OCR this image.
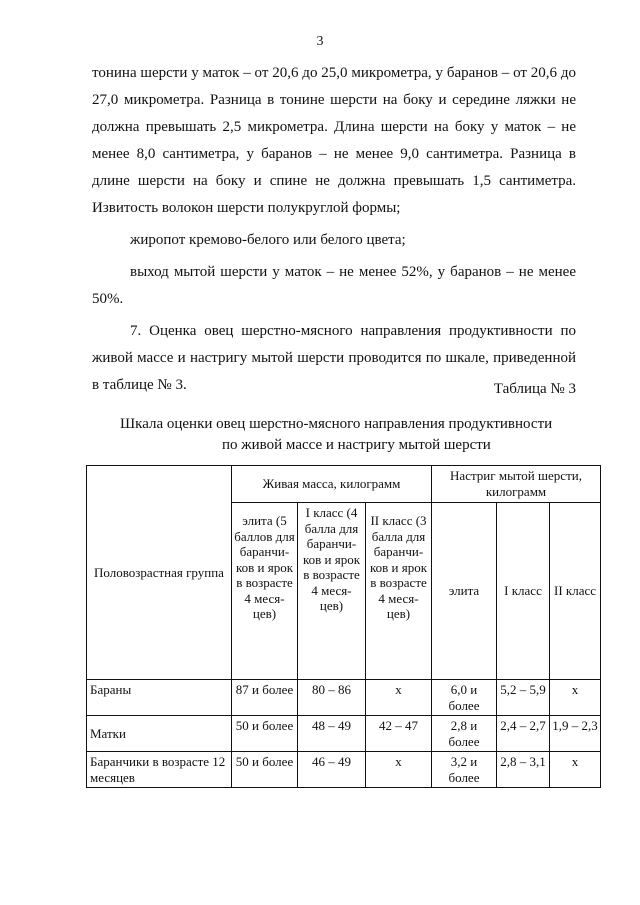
3

тонина шерсти у маток – от 20,6 до 25,0 микрометра, у баранов – от 20,6 до 27,0 микрометра. Разница в тонине шерсти на боку и середине ляжки не должна превышать 2,5 микрометра. Длина шерсти на боку у маток – не менее 8,0 сантиметра, у баранов – не менее 9,0 сантиметра. Разница в длине шерсти на боку и спине не должна превышать 1,5 сантиметра. Извитость волокон шерсти полукруглой формы;

жиропот кремово-белого или белого цвета;

выход мытой шерсти у маток – не менее 52%, у баранов – не менее 50%.

7. Оценка овец шерстно-мясного направления продуктивности по живой массе и настригу мытой шерсти проводится по шкале, приведенной в таблице № 3.	Таблица № 3
Шкала оценки овец шерстно-мясного направления продуктивности
по живой массе и настригу мытой шерсти
Половозрастная группа	Живая масса, килограмм			Настриг мытой шерсти, килограмм		
	элита (5 баллов для баранчи- ков и ярок в возрасте 4 меся- цев)	I класс (4 балла для баранчи- ков и ярок в возрасте 4 меся- цев)	II класс (3 балла для баранчи- ков и ярок в возрасте 4 меся- цев)	элита	I класс	II класс
Бараны	87 и более	80 – 86	х	6,0 и более	5,2 – 5,9	х
Матки	50 и более	48 – 49	42 – 47	2,8 и более	2,4 – 2,7	1,9 – 2,3
Баранчики в возрасте 12 месяцев	50 и более	46 – 49	х	3,2 и более	2,8 – 3,1	х
